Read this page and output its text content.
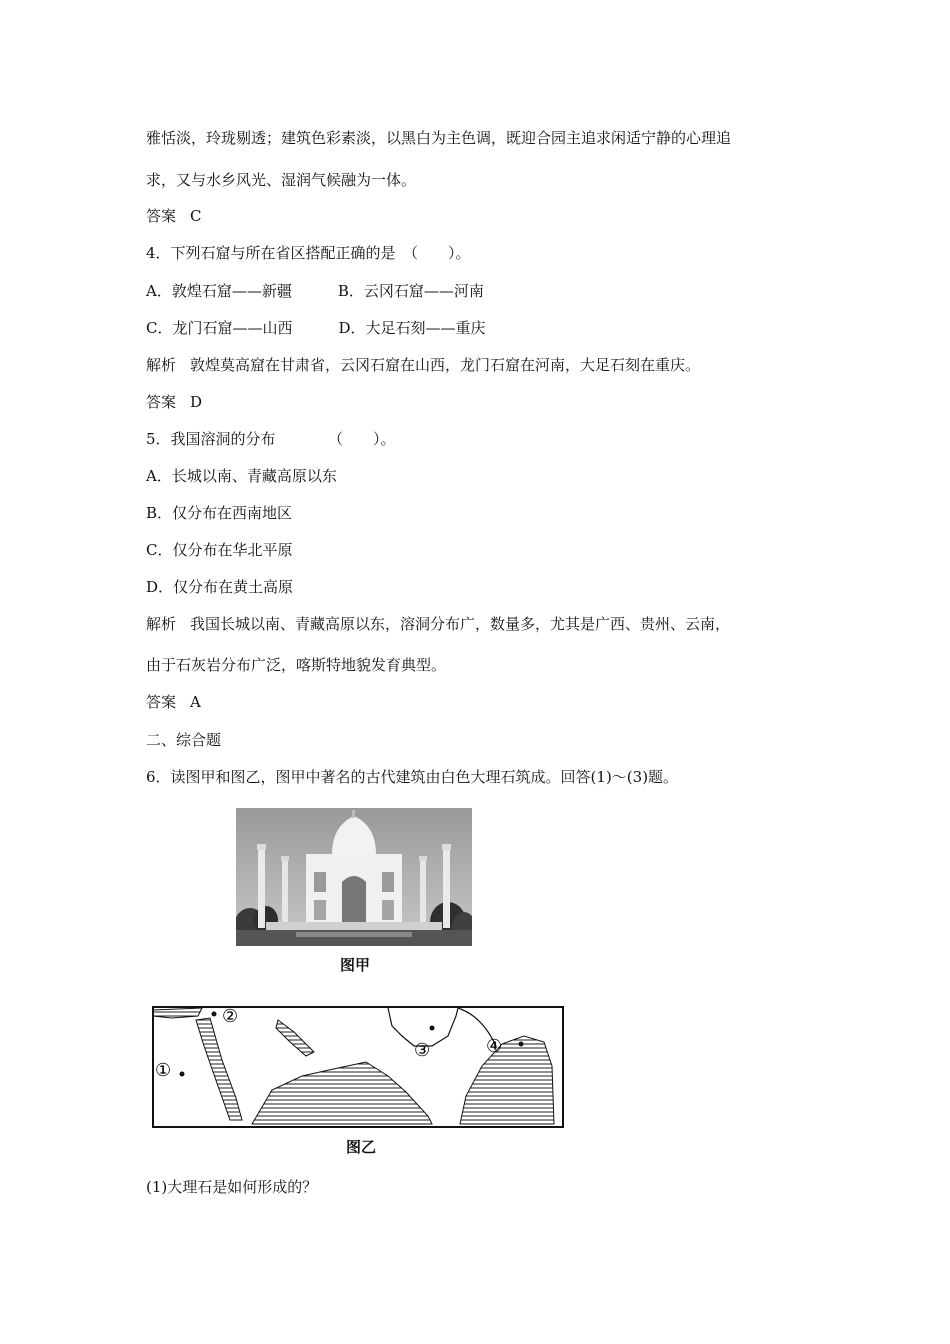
雅恬淡，玲珑剔透；建筑色彩素淡，以黑白为主色调，既迎合园主追求闲适宁静的心理追
求，又与水乡风光、湿润气候融为一体。
答案 C
4．下列石窟与所在省区搭配正确的是　（　　）。
A．敦煌石窟——新疆	B．云冈石窟——河南
C．龙门石窟——山西	D．大足石刻——重庆
解析 敦煌莫高窟在甘肃省，云冈石窟在山西，龙门石窟在河南，大足石刻在重庆。
答案 D
5．我国溶洞的分布　　　　（　　）。
A．长城以南、青藏高原以东
B．仅分布在西南地区
C．仅分布在华北平原
D．仅分布在黄土高原
解析 我国长城以南、青藏高原以东，溶洞分布广，数量多，尤其是广西、贵州、云南，
由于石灰岩分布广泛，喀斯特地貌发育典型。
答案 A
二、综合题
6．读图甲和图乙，图甲中著名的古代建筑由白色大理石筑成。回答(1)～(3)题。
图甲
①
②
③	④
图乙
(1)大理石是如何形成的？
